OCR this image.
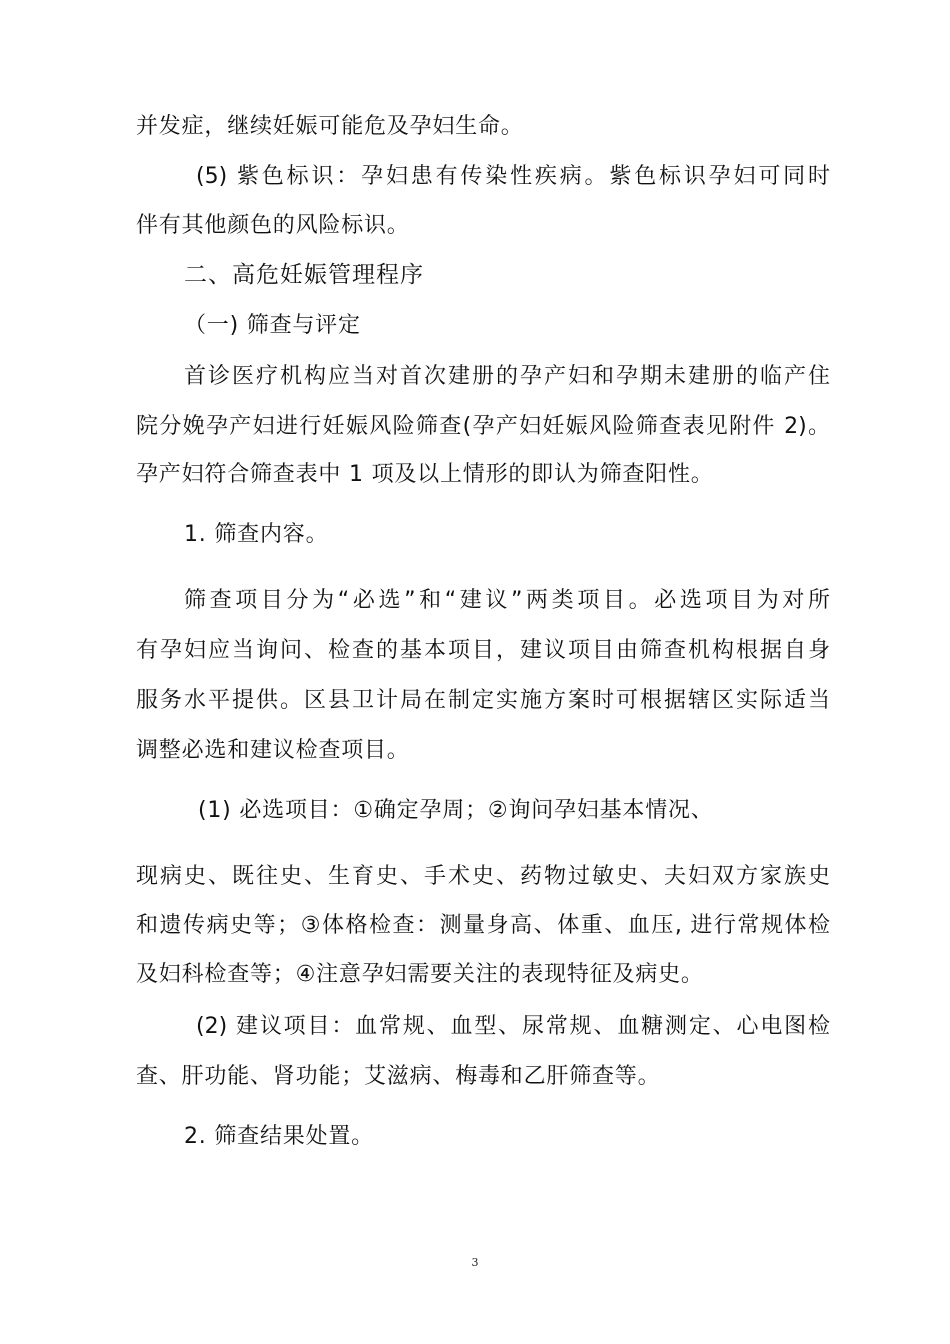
并发症，继续妊娠可能危及孕妇生命。
(5) 紫色标识：孕妇患有传染性疾病。紫色标识孕妇可同时
伴有其他颜色的风险标识。
二、高危妊娠管理程序
（一) 筛查与评定
首诊医疗机构应当对首次建册的孕产妇和孕期未建册的临产住
院分娩孕产妇进行妊娠风险筛查(孕产妇妊娠风险筛查表见附件 2)。
孕产妇符合筛查表中 1 项及以上情形的即认为筛查阳性。
1. 筛查内容。
筛查项目分为“必选”和“建议”两类项目。必选项目为对所
有孕妇应当询问、检查的基本项目，建议项目由筛查机构根据自身
服务水平提供。区县卫计局在制定实施方案时可根据辖区实际适当
调整必选和建议检查项目。
(1) 必选项目：①确定孕周；②询问孕妇基本情况、
现病史、既往史、生育史、手术史、药物过敏史、夫妇双方家族史
和遗传病史等；③体格检查：测量身高、体重、血压, 进行常规体检
及妇科检查等；④注意孕妇需要关注的表现特征及病史。
(2) 建议项目：血常规、血型、尿常规、血糖测定、心电图检
查、肝功能、肾功能；艾滋病、梅毒和乙肝筛查等。
2. 筛查结果处置。
3
